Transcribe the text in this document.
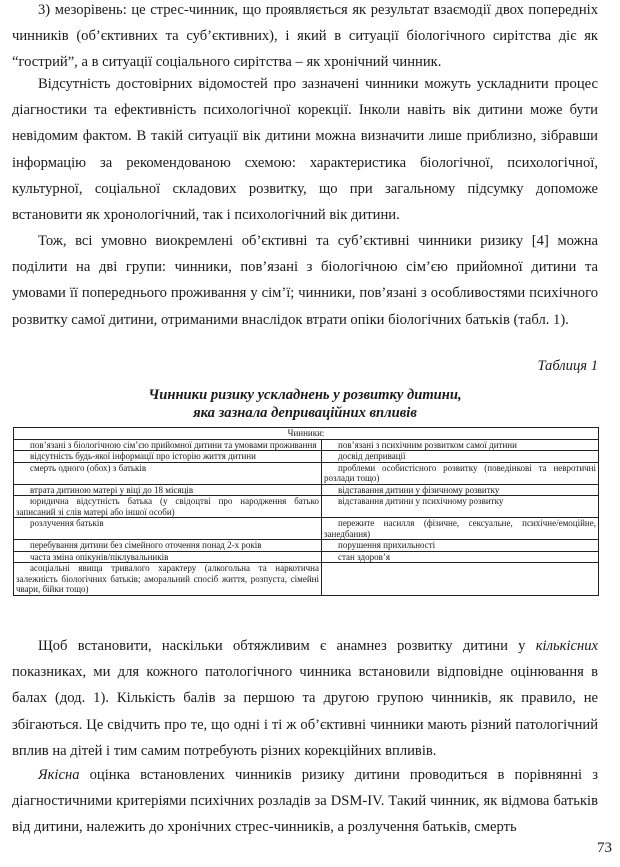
3) мезорівень: це стрес-чинник, що проявляється як результат взаємодії двох попередніх чинників (об’єктивних та суб’єктивних), і який в ситуації біологічного сирітства діє як “гострий”, а в ситуації соціального сирітства – як хронічний чинник.

Відсутність достовірних відомостей про зазначені чинники можуть ускладнити процес діагностики та ефективність психологічної корекції. Інколи навіть вік дитини може бути невідомим фактом. В такій ситуації вік дитини можна визначити лише приблизно, зібравши інформацію за рекомендованою схемою: характеристика біологічної, психологічної, культурної, соціальної складових розвитку, що при загальному підсумку допоможе встановити як хронологічний, так і психологічний вік дитини.

Тож, всі умовно виокремлені об’єктивні та суб’єктивні чинники ризику [4] можна поділити на дві групи: чинники, пов’язані з біологічною сім’єю прийомної дитини та умовами її попереднього проживання у сім’ї; чинники, пов’язані з особливостями психічного розвитку самої дитини, отриманими внаслідок втрати опіки біологічних батьків (табл. 1).

Таблиця 1
Чинники ризику ускладнень у розвитку дитини,
яка зазнала деприваційних впливів
Чинники:	
пов’язані з біологічною сім’єю прийомної дитини та умовами проживання	пов’язані з психічним розвитком самої дитини
відсутність будь-якої інформації про історію життя дитини	досвід депривації
смерть одного (обох) з батьків	проблеми особистісного розвитку (поведінкові та невротичні розлади тощо)
втрата дитиною матері у віці до 18 місяців	відставання дитини у фізичному розвитку
юридична відсутність батька (у свідоцтві про народження батько записаний зі слів матері або іншої особи)	відставання дитини у психічному розвитку
розлучення батьків	пережите насилля (фізичне, сексуальне, психічне/емоційне, занедбання)
перебування дитини без сімейного оточення понад 2-х років	порушення прихильності
часта зміна опікунів/піклувальників	стан здоров’я
асоціальні явища тривалого характеру (алкогольна та наркотична залежність біологічних батьків; аморальний спосіб життя, розпуста, сімейні чвари, бійки тощо)	

Щоб встановити, наскільки обтяжливим є анамнез розвитку дитини у кількісних показниках, ми для кожного патологічного чинника встановили відповідне оцінювання в балах (дод. 1). Кількість балів за першою та другою групою чинників, як правило, не збігаються. Це свідчить про те, що одні і ті ж об’єктивні чинники мають різний патологічний вплив на дітей і тим самим потребують різних корекційних впливів.

Якісна оцінка встановлених чинників ризику дитини проводиться в порівнянні з діагностичними критеріями психічних розладів за DSM-IV. Такий чинник, як відмова батьків від дитини, належить до хронічних стрес-чинників, а розлучення батьків, смерть

73
